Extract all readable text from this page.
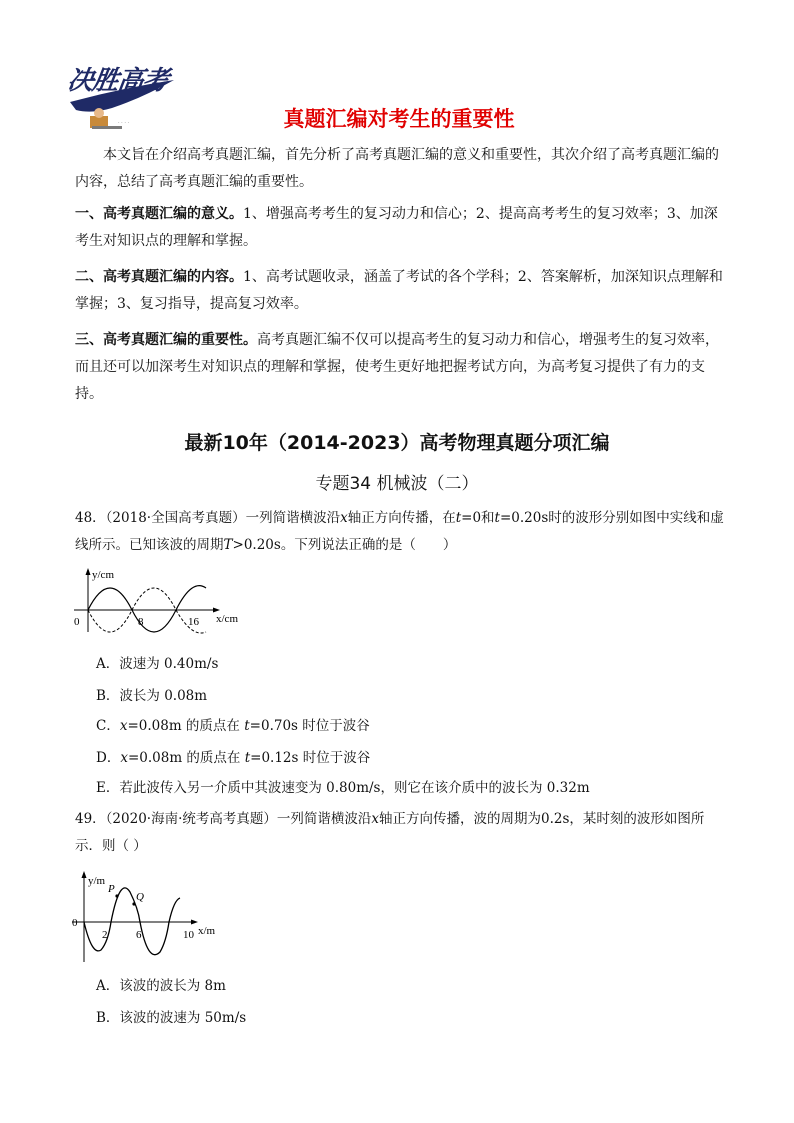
· · · ·
决胜高考
真题汇编对考生的重要性
本文旨在介绍高考真题汇编，首先分析了高考真题汇编的意义和重要性，其次介绍了高考真题汇编的内容，总结了高考真题汇编的重要性。
一、高考真题汇编的意义。1、增强高考考生的复习动力和信心；2、提高高考考生的复习效率；3、加深考生对知识点的理解和掌握。
二、高考真题汇编的内容。1、高考试题收录，涵盖了考试的各个学科；2、答案解析，加深知识点理解和掌握；3、复习指导，提高复习效率。
三、高考真题汇编的重要性。高考真题汇编不仅可以提高考生的复习动力和信心，增强考生的复习效率，而且还可以加深考生对知识点的理解和掌握，使考生更好地把握考试方向，为高考复习提供了有力的支持。
最新10年（2014-2023）高考物理真题分项汇编
专题34 机械波（二）
48．（2018·全国高考真题）一列简谐横波沿x轴正方向传播，在t=0和t=0.20s时的波形分别如图中实线和虚线所示。已知该波的周期T>0.20s。下列说法正确的是（　　）
y/cm
x/cm
0	8	16
A．波速为 0.40m/s
B．波长为 0.08m
C．x=0.08m 的质点在 t=0.70s 时位于波谷
D．x=0.08m 的质点在 t=0.12s 时位于波谷
E．若此波传入另一介质中其波速变为 0.80m/s，则它在该介质中的波长为 0.32m
49．（2020·海南·统考高考真题）一列简谐横波沿x轴正方向传播，波的周期为0.2s，某时刻的波形如图所示．则（ ）
y/m
x/m
0
2	6	10
P
Q
A．该波的波长为 8m
B．该波的波速为 50m/s
